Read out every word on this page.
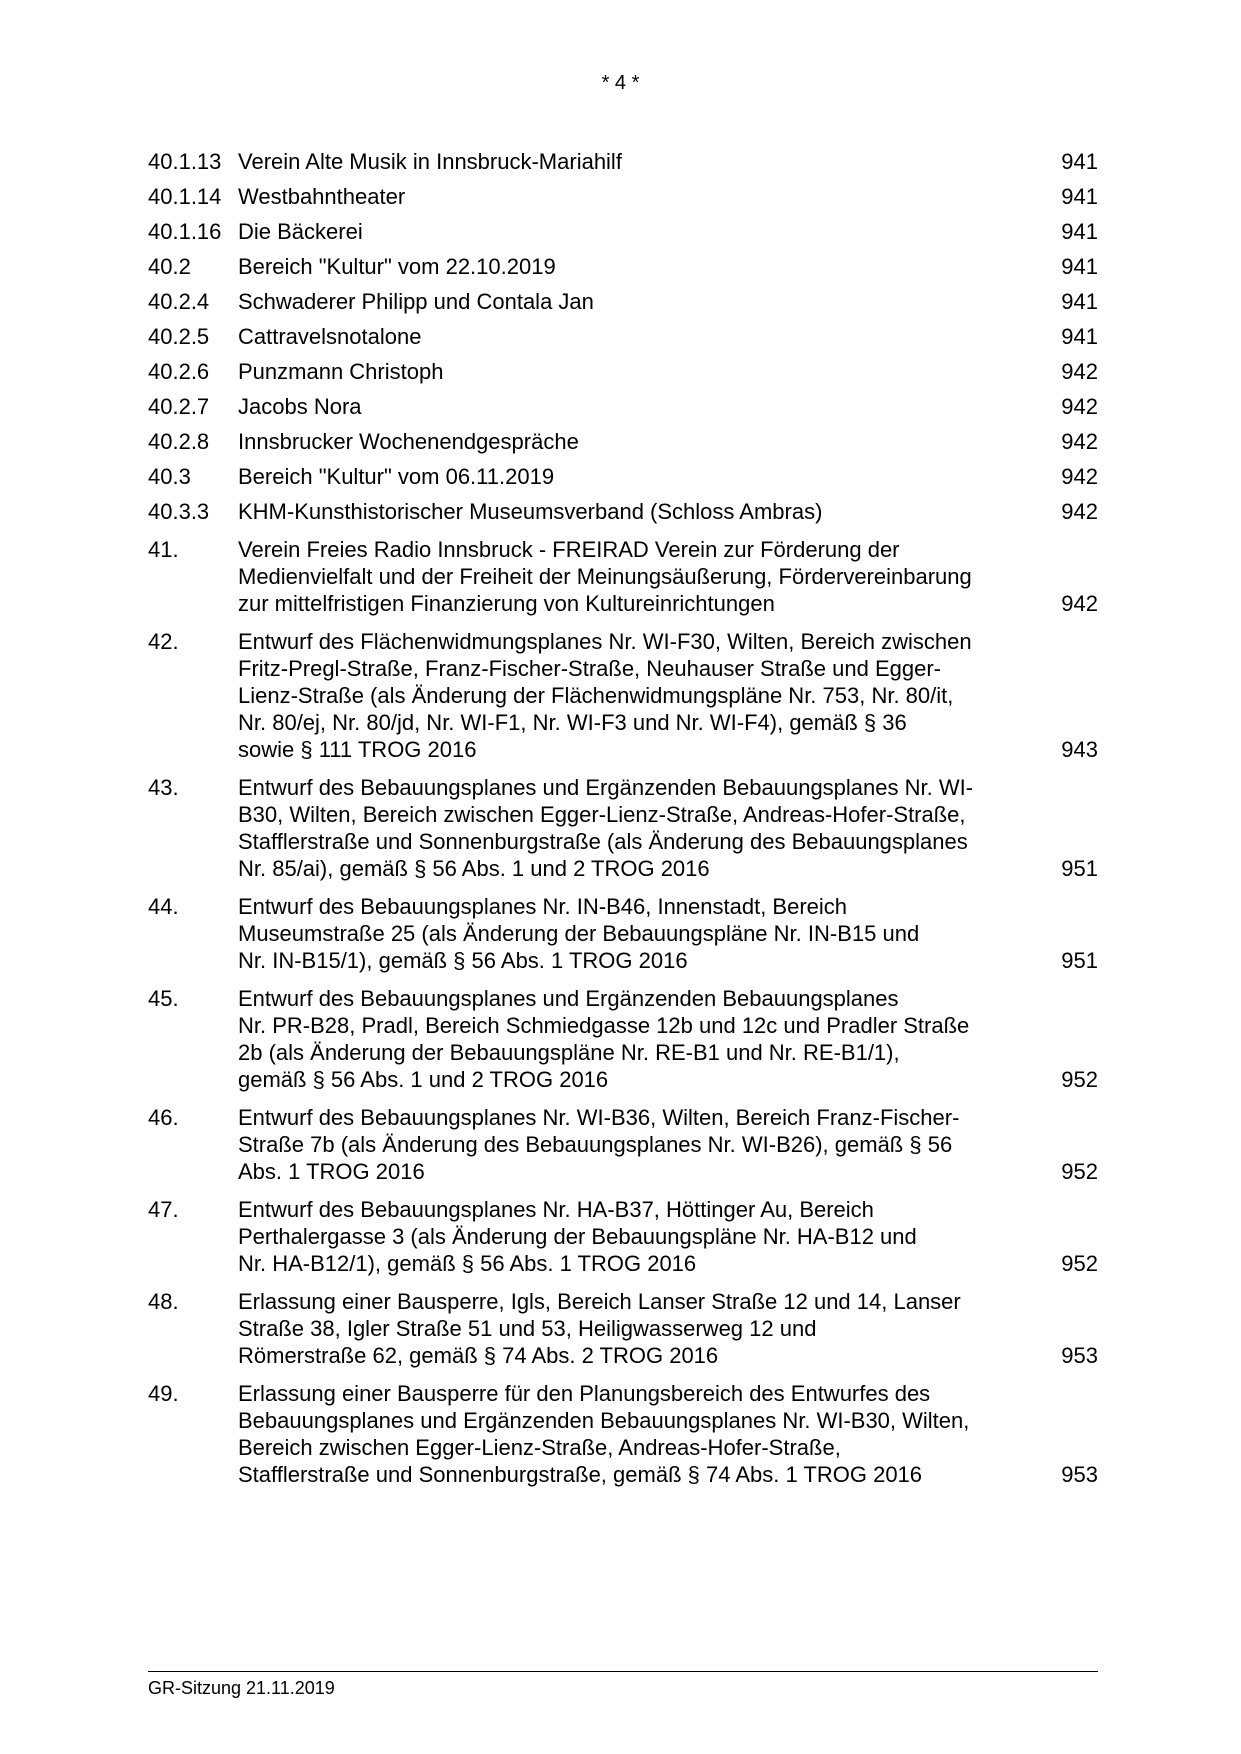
* 4 *
40.1.13 Verein Alte Musik in Innsbruck-Mariahilf	941
40.1.14 Westbahntheater	941
40.1.16 Die Bäckerei	941
40.2	Bereich "Kultur" vom 22.10.2019	941
40.2.4	Schwaderer Philipp und Contala Jan	941
40.2.5	Cattravelsnotalone	941
40.2.6	Punzmann Christoph	942
40.2.7	Jacobs Nora	942
40.2.8	Innsbrucker Wochenendgespräche	942
40.3	Bereich "Kultur" vom 06.11.2019	942
40.3.3	KHM-Kunsthistorischer Museumsverband (Schloss Ambras)	942
41.	Verein Freies Radio Innsbruck - FREIRAD Verein zur Förderung der
Medienvielfalt und der Freiheit der Meinungsäußerung, Fördervereinbarung
zur mittelfristigen Finanzierung von Kultureinrichtungen	942
42.	Entwurf des Flächenwidmungsplanes Nr. WI-F30, Wilten, Bereich zwischen
Fritz-Pregl-Straße, Franz-Fischer-Straße, Neuhauser Straße und Egger-
Lienz-Straße (als Änderung der Flächenwidmungspläne Nr. 753, Nr. 80/it,
Nr. 80/ej, Nr. 80/jd, Nr. WI-F1, Nr. WI-F3 und Nr. WI-F4), gemäß § 36
sowie § 111 TROG 2016	943
43.	Entwurf des Bebauungsplanes und Ergänzenden Bebauungsplanes Nr. WI-
B30, Wilten, Bereich zwischen Egger-Lienz-Straße, Andreas-Hofer-Straße,
Stafflerstraße und Sonnenburgstraße (als Änderung des Bebauungsplanes
Nr. 85/ai), gemäß § 56 Abs. 1 und 2 TROG 2016	951
44.	Entwurf des Bebauungsplanes Nr. IN-B46, Innenstadt, Bereich
Museumstraße 25 (als Änderung der Bebauungspläne Nr. IN-B15 und
Nr. IN-B15/1), gemäß § 56 Abs. 1 TROG 2016	951
45.	Entwurf des Bebauungsplanes und Ergänzenden Bebauungsplanes
Nr. PR-B28, Pradl, Bereich Schmiedgasse 12b und 12c und Pradler Straße
2b (als Änderung der Bebauungspläne Nr. RE-B1 und Nr. RE-B1/1),
gemäß § 56 Abs. 1 und 2 TROG 2016	952
46.	Entwurf des Bebauungsplanes Nr. WI-B36, Wilten, Bereich Franz-Fischer-
Straße 7b (als Änderung des Bebauungsplanes Nr. WI-B26), gemäß § 56
Abs. 1 TROG 2016	952
47.	Entwurf des Bebauungsplanes Nr. HA-B37, Höttinger Au, Bereich
Perthalergasse 3 (als Änderung der Bebauungspläne Nr. HA-B12 und
Nr. HA-B12/1), gemäß § 56 Abs. 1 TROG 2016	952
48.	Erlassung einer Bausperre, Igls, Bereich Lanser Straße 12 und 14, Lanser
Straße 38, Igler Straße 51 und 53, Heiligwasserweg 12 und
Römerstraße 62, gemäß § 74 Abs. 2 TROG 2016	953
49.	Erlassung einer Bausperre für den Planungsbereich des Entwurfes des
Bebauungsplanes und Ergänzenden Bebauungsplanes Nr. WI-B30, Wilten,
Bereich zwischen Egger-Lienz-Straße, Andreas-Hofer-Straße,
Stafflerstraße und Sonnenburgstraße, gemäß § 74 Abs. 1 TROG 2016	953
GR-Sitzung 21.11.2019
